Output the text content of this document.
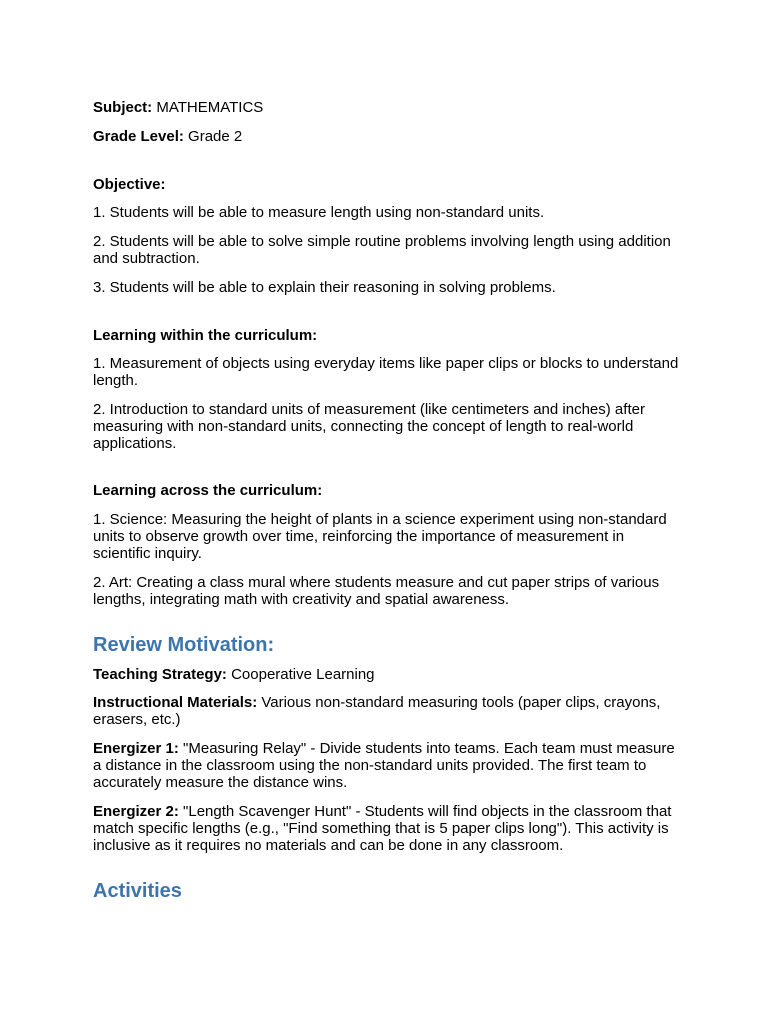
Subject: MATHEMATICS

Grade Level: Grade 2

Objective:

1. Students will be able to measure length using non-standard units.

2. Students will be able to solve simple routine problems involving length using addition and subtraction.

3. Students will be able to explain their reasoning in solving problems.

Learning within the curriculum:

1. Measurement of objects using everyday items like paper clips or blocks to understand length.

2. Introduction to standard units of measurement (like centimeters and inches) after measuring with non-standard units, connecting the concept of length to real-world applications.

Learning across the curriculum:

1. Science: Measuring the height of plants in a science experiment using non-standard units to observe growth over time, reinforcing the importance of measurement in scientific inquiry.

2. Art: Creating a class mural where students measure and cut paper strips of various lengths, integrating math with creativity and spatial awareness.

Review Motivation:

Teaching Strategy: Cooperative Learning

Instructional Materials: Various non-standard measuring tools (paper clips, crayons, erasers, etc.)

Energizer 1: "Measuring Relay" - Divide students into teams. Each team must measure a distance in the classroom using the non-standard units provided. The first team to accurately measure the distance wins.

Energizer 2: "Length Scavenger Hunt" - Students will find objects in the classroom that match specific lengths (e.g., "Find something that is 5 paper clips long"). This activity is inclusive as it requires no materials and can be done in any classroom.

Activities
